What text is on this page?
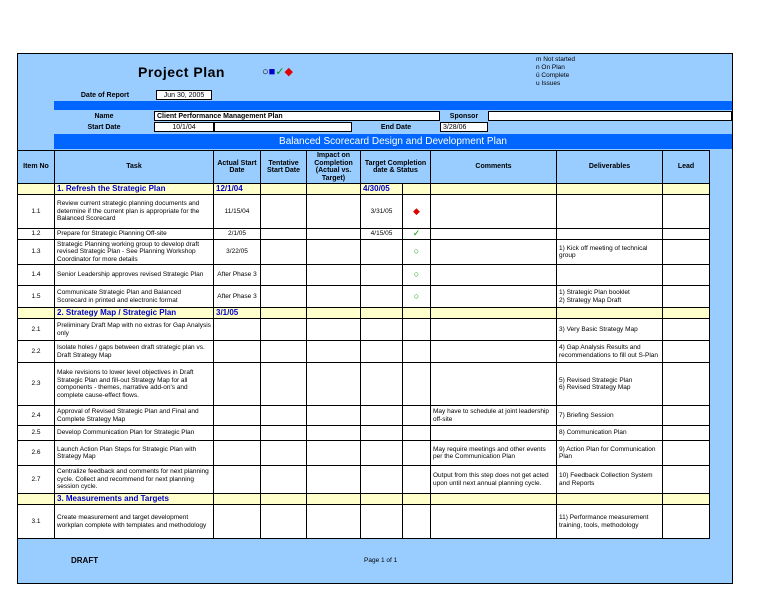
Project Plan	○■✓◆
m Not started
n On Plan
ü Complete
u Issues
Date of Report	Jun 30, 2005
Name	Client Performance Management Plan	Sponsor
Start Date	10/1/04	End Date	3/28/06
Balanced Scorecard Design and Development Plan
Item No	Task	Actual Start Date	Tentative Start Date	Impact on Completion (Actual vs. Target)	Target Completion date & Status		Comments	Deliverables	Lead
	1. Refresh the Strategic Plan	12/1/04			4/30/05				
1.1	Review current strategic planning documents and determine if the current plan is appropriate for the Balanced Scorecard	11/15/04			3/31/05	◆			
1.2	Prepare for Strategic Planning Off-site	2/1/05			4/15/05	✓			
1.3	Strategic Planning working group to develop draft revised Strategic Plan - See Planning Workshop Coordinator for more details	3/22/05				○		1) Kick off meeting of technical group	
1.4	Senior Leadership approves revised Strategic Plan	After Phase 3				○			
1.5	Communicate Strategic Plan and Balanced Scorecard in printed and electronic format	After Phase 3				○		1) Strategic Plan booklet
2) Strategy Map Draft	
	2. Strategy Map / Strategic Plan	3/1/05							
2.1	Preliminary Draft Map with no extras for Gap Analysis only							3) Very Basic Strategy Map	
2.2	Isolate holes / gaps between draft strategic plan vs. Draft Strategy Map							4) Gap Analysis Results and recommendations to fill out S-Plan	
2.3	Make revisions to lower level objectives in Draft Strategic Plan and fill-out Strategy Map for all components - themes, narrative add-on's and complete cause-effect flows.							5) Revised Strategic Plan
6) Revised Strategy Map	
2.4	Approval of Revised Strategic Plan and Final and Complete Strategy Map						May have to schedule at joint leadership off-site	7) Briefing Session	
2.5	Develop Communication Plan for Strategic Plan							8) Communication Plan	
2.6	Launch Action Plan Steps for Strategic Plan with Strategy Map						May require meetings and other events per the Communication Plan	9) Action Plan for Communication Plan	
2.7	Centralize feedback and comments for next planning cycle. Collect and recommend for next planning session cycle.						Output from this step does not get acted upon until next annual planning cycle.	10) Feedback Collection System and Reports	
	3. Measurements and Targets								
3.1	Create measurement and target development workplan complete with templates and methodology							11) Performance measurement training, tools, methodology	
DRAFT	Page 1 of 1
